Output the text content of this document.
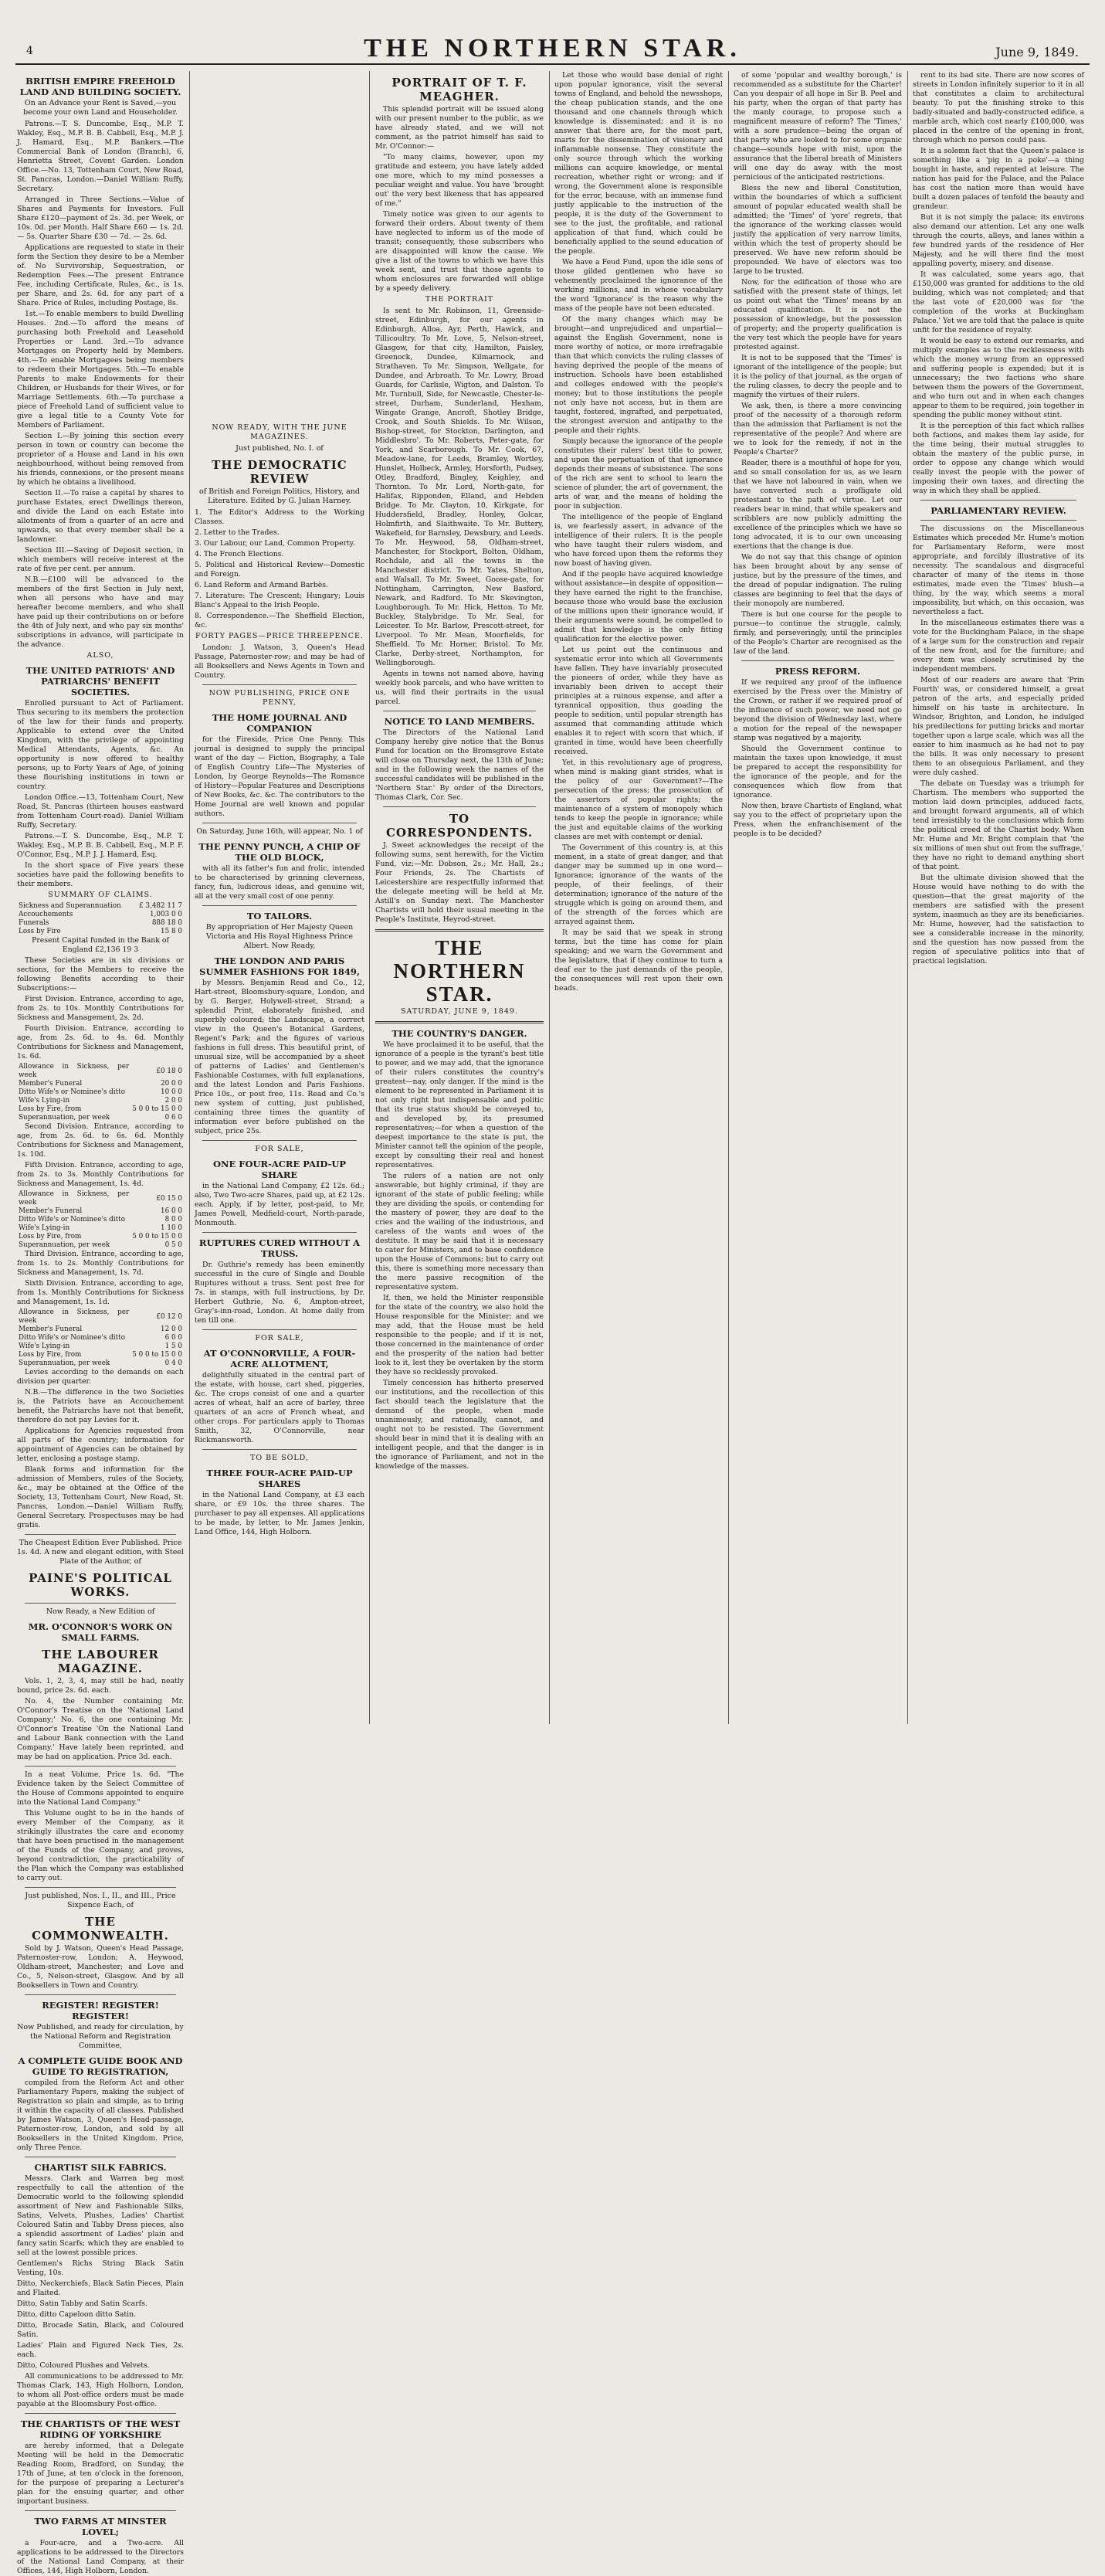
4	THE NORTHERN STAR.	June 9, 1849.
BRITISH EMPIRE FREEHOLD LAND AND BUILDING SOCIETY.
On an Advance your Rent is Saved,—you become your own Land and Householder.

Patrons.—T. S. Duncombe, Esq., M.P. T. Wakley, Esq., M.P. B. B. Cabbell, Esq., M.P. J. J. Hamard, Esq., M.P. Bankers.—The Commercial Bank of London (Branch), 6, Henrietta Street, Covent Garden. London Office.—No. 13, Tottenham Court, New Road, St. Pancras, London.—Daniel William Ruffy, Secretary.

Arranged in Three Sections.—Value of Shares and Payments for Investors. Full Share £120—payment of 2s. 3d. per Week, or 10s. 0d. per Month. Half Share £60 — 1s. 2d. — 5s. Quarter Share £30 — 7d. — 2s. 6d.

Applications are requested to state in their form the Section they desire to be a Member of. No Survivorship, Sequestration, or Redemption Fees.—The present Entrance Fee, including Certificate, Rules, &c., is 1s. per Share, and 2s. 6d. for any part of a Share. Price of Rules, including Postage, 8s.

1st.—To enable members to build Dwelling Houses. 2nd.—To afford the means of purchasing both Freehold and Leasehold Properties or Land. 3rd.—To advance Mortgages on Property held by Members. 4th.—To enable Mortgagees being members to redeem their Mortgages. 5th.—To enable Parents to make Endowments for their Children, or Husbands for their Wives, or for Marriage Settlements. 6th.—To purchase a piece of Freehold Land of sufficient value to give a legal title to a County Vote for Members of Parliament.

Section I.—By joining this section every person in town or country can become the proprietor of a House and Land in his own neighbourhood, without being removed from his friends, connexions, or the present means by which he obtains a livelihood.

Section II.—To raise a capital by shares to purchase Estates, erect Dwellings thereon, and divide the Land on each Estate into allotments of from a quarter of an acre and upwards, so that every member shall be a landowner.

Section III.—Saving of Deposit section, in which members will receive interest at the rate of five per cent. per annum.

N.B.—£100 will be advanced to the members of the first Section in July next, when all persons who have and may hereafter become members, and who shall have paid up their contributions on or before the 4th of July next, and who pay six months' subscriptions in advance, will participate in the advance.

ALSO,
THE UNITED PATRIOTS' AND PATRIARCHS' BENEFIT SOCIETIES.

Enrolled pursuant to Act of Parliament. Thus securing to its members the protection of the law for their funds and property. Applicable to extend over the United Kingdom, with the privilege of appointing Medical Attendants, Agents, &c. An opportunity is now offered to healthy persons, up to Forty Years of Age, of joining these flourishing institutions in town or country.

London Office.—13, Tottenham Court, New Road, St. Pancras (thirteen houses eastward from Tottenham Court-road). Daniel William Ruffy, Secretary.

Patrons.—T. S. Duncombe, Esq., M.P. T. Wakley, Esq., M.P. B. B. Cabbell, Esq., M.P. F. O'Connor, Esq., M.P. J. J. Hamard, Esq.

In the short space of Five years these societies have paid the following benefits to their members.

SUMMARY OF CLAIMS.
Sickness and Superannuation	£ 3,482 11 7
Accouchements	1,003 0 0
Funerals	888 18 0
Loss by Fire	15 8 0

Present Capital funded in the Bank of England £2,136 19 3

These Societies are in six divisions or sections, for the Members to receive the following Benefits according to their Subscriptions:—

First Division. Entrance, according to age, from 2s. to 10s. Monthly Contributions for Sickness and Management, 2s. 2d.

Fourth Division. Entrance, according to age, from 2s. 6d. to 4s. 6d. Monthly Contributions for Sickness and Management, 1s. 6d.

Allowance in Sickness, per week	£0 18 0
Member's Funeral	20 0 0
Ditto Wife's or Nominee's ditto	10 0 0
Wife's Lying-in	2 0 0
Loss by Fire, from	5 0 0 to 15 0 0
Superannuation, per week	0 6 0

Second Division. Entrance, according to age, from 2s. 6d. to 6s. 6d. Monthly Contributions for Sickness and Management, 1s. 10d.

Fifth Division. Entrance, according to age, from 2s. to 3s. Monthly Contributions for Sickness and Management, 1s. 4d.

Allowance in Sickness, per week	£0 15 0
Member's Funeral	16 0 0
Ditto Wife's or Nominee's ditto	8 0 0
Wife's Lying-in	1 10 0
Loss by Fire, from	5 0 0 to 15 0 0
Superannuation, per week	0 5 0

Third Division. Entrance, according to age, from 1s. to 2s. Monthly Contributions for Sickness and Management, 1s. 7d.

Sixth Division. Entrance, according to age, from 1s. Monthly Contributions for Sickness and Management, 1s. 1d.

Allowance in Sickness, per week	£0 12 0
Member's Funeral	12 0 0
Ditto Wife's or Nominee's ditto	6 0 0
Wife's Lying-in	1 5 0
Loss by Fire, from	5 0 0 to 15 0 0
Superannuation, per week	0 4 0

Levies according to the demands on each division per quarter.

N.B.—The difference in the two Societies is, the Patriots have an Accouchement benefit, the Patriarchs have not that benefit, therefore do not pay Levies for it.

Applications for Agencies requested from all parts of the country; information for appointment of Agencies can be obtained by letter, enclosing a postage stamp.

Blank forms and information for the admission of Members, rules of the Society, &c., may be obtained at the Office of the Society, 13, Tottenham Court, New Road, St. Pancras, London.—Daniel William Ruffy, General Secretary. Prospectuses may be had gratis.

The Cheapest Edition Ever Published. Price 1s. 4d. A new and elegant edition, with Steel Plate of the Author, of
PAINE'S POLITICAL WORKS.
Now Ready, a New Edition of
MR. O'CONNOR'S WORK ON SMALL FARMS.
THE LABOURER MAGAZINE.

Vols. 1, 2, 3, 4, may still be had, neatly bound, price 2s. 6d. each.

No. 4, the Number containing Mr. O'Connor's Treatise on the 'National Land Company;' No. 6, the one containing Mr. O'Connor's Treatise 'On the National Land and Labour Bank connection with the Land Company.' Have lately been reprinted, and may be had on application. Price 3d. each.

In a neat Volume, Price 1s. 6d. "The Evidence taken by the Select Committee of the House of Commons appointed to enquire into the National Land Company."

This Volume ought to be in the hands of every Member of the Company, as it strikingly illustrates the care and economy that have been practised in the management of the Funds of the Company, and proves, beyond contradiction, the practicability of the Plan which the Company was established to carry out.

Just published, Nos. I., II., and III., Price Sixpence Each, of
THE COMMONWEALTH.

Sold by J. Watson, Queen's Head Passage, Paternoster-row, London; A. Heywood, Oldham-street, Manchester; and Love and Co., 5, Nelson-street, Glasgow. And by all Booksellers in Town and Country.

REGISTER! REGISTER! REGISTER!
Now Published, and ready for circulation, by the National Reform and Registration Committee,
A COMPLETE GUIDE BOOK AND GUIDE TO REGISTRATION,

compiled from the Reform Act and other Parliamentary Papers, making the subject of Registration so plain and simple, as to bring it within the capacity of all classes. Published by James Watson, 3, Queen's Head-passage, Paternoster-row, London, and sold by all Booksellers in the United Kingdom. Price, only Three Pence.

CHARTIST SILK FABRICS.

Messrs. Clark and Warren beg most respectfully to call the attention of the Democratic world to the following splendid assortment of New and Fashionable Silks, Satins, Velvets, Plushes, Ladies' Chartist Coloured Satin and Tabby Dress pieces, also a splendid assortment of Ladies' plain and fancy satin Scarfs; which they are enabled to sell at the lowest possible prices.

Gentlemen's Richs String Black Satin Vesting, 10s.

Ditto, Neckerchiefs, Black Satin Pieces, Plain and Flaited.

Ditto, Satin Tabby and Satin Scarfs.

Ditto, ditto Capeloon ditto Satin.

Ditto, Brocade Satin, Black, and Coloured Satin.

Ladies' Plain and Figured Neck Ties, 2s. each.

Ditto, Coloured Plushes and Velvets.

All communications to be addressed to Mr. Thomas Clark, 143, High Holborn, London, to whom all Post-office orders must be made payable at the Bloomsbury Post-office.

THE CHARTISTS OF THE WEST RIDING OF YORKSHIRE

are hereby informed, that a Delegate Meeting will be held in the Democratic Reading Room, Bradford, on Sunday, the 17th of June, at ten o'clock in the forenoon, for the purpose of preparing a Lecturer's plan for the ensuing quarter, and other important business.

TWO FARMS AT MINSTER LOVEL;

a Four-acre, and a Two-acre. All applications to be addressed to the Directors of the National Land Company, at their Offices, 144, High Holborn, London.

NOW READY, WITH THE JUNE MAGAZINES.
Just published, No. I. of
THE DEMOCRATIC REVIEW
of British and Foreign Politics, History, and Literature. Edited by G. Julian Harney.

1. The Editor's Address to the Working Classes.

2. Letter to the Trades.

3. Our Labour, our Land, Common Property.

4. The French Elections.

5. Political and Historical Review—Domestic and Foreign.

6. Land Reform and Armand Barbès.

7. Literature: The Crescent; Hungary; Louis Blanc's Appeal to the Irish People.

8. Correspondence.—The Sheffield Election, &c.

FORTY PAGES—PRICE THREEPENCE.

London: J. Watson, 3, Queen's Head Passage, Paternoster-row; and may be had of all Booksellers and News Agents in Town and Country.

NOW PUBLISHING, PRICE ONE PENNY,
THE HOME JOURNAL AND COMPANION

for the Fireside, Price One Penny. This journal is designed to supply the principal want of the day — Fiction, Biography, a Tale of English Country Life—The Mysteries of London, by George Reynolds—The Romance of History—Popular Features and Descriptions of New Books, &c. &c. The contributors to the Home Journal are well known and popular authors.

On Saturday, June 16th, will appear, No. 1 of
THE PENNY PUNCH, A CHIP OF THE OLD BLOCK,

with all its father's fun and frolic, intended to be characterised by grinning cleverness, fancy, fun, ludicrous ideas, and genuine wit, all at the very small cost of one penny.

TO TAILORS.
By appropriation of Her Majesty Queen Victoria and His Royal Highness Prince Albert. Now Ready,
THE LONDON AND PARIS SUMMER FASHIONS FOR 1849,

by Messrs. Benjamin Read and Co., 12, Hart-street, Bloomsbury-square, London, and by G. Berger, Holywell-street, Strand; a splendid Print, elaborately finished, and superbly coloured; the Landscape, a correct view in the Queen's Botanical Gardens, Regent's Park; and the figures of various fashions in full dress. This beautiful print, of unusual size, will be accompanied by a sheet of patterns of Ladies' and Gentlemen's Fashionable Costumes, with full explanations, and the latest London and Paris Fashions. Price 10s., or post free, 11s. Read and Co.'s new system of cutting, just published, containing three times the quantity of information ever before published on the subject, price 25s.

FOR SALE,
ONE FOUR-ACRE PAID-UP SHARE

in the National Land Company, £2 12s. 6d.; also, Two Two-acre Shares, paid up, at £2 12s. each. Apply, if by letter, post-paid, to Mr. James Powell, Medfield-court, North-parade, Monmouth.

RUPTURES CURED WITHOUT A TRUSS.

Dr. Guthrie's remedy has been eminently successful in the cure of Single and Double Ruptures without a truss. Sent post free for 7s. in stamps, with full instructions, by Dr. Herbert Guthrie, No. 6, Ampton-street, Gray's-inn-road, London. At home daily from ten till one.

FOR SALE,
AT O'CONNORVILLE, A FOUR-ACRE ALLOTMENT,

delightfully situated in the central part of the estate, with house, cart shed, piggeries, &c. The crops consist of one and a quarter acres of wheat, half an acre of barley, three quarters of an acre of French wheat, and other crops. For particulars apply to Thomas Smith, 32, O'Connorville, near Rickmansworth.

TO BE SOLD,
THREE FOUR-ACRE PAID-UP SHARES

in the National Land Company, at £3 each share, or £9 10s. the three shares. The purchaser to pay all expenses. All applications to be made, by letter, to Mr. James Jenkin, Land Office, 144, High Holborn.

PORTRAIT OF T. F. MEAGHER.

This splendid portrait will be issued along with our present number to the public, as we have already stated, and we will not comment, as the patriot himself has said to Mr. O'Connor:—

"To many claims, however, upon my gratitude and esteem, you have lately added one more, which to my mind possesses a peculiar weight and value. You have 'brought out' the very best likeness that has appeared of me."

Timely notice was given to our agents to forward their orders. About twenty of them have neglected to inform us of the mode of transit; consequently, those subscribers who are disappointed will know the cause. We give a list of the towns to which we have this week sent, and trust that those agents to whom enclosures are forwarded will oblige by a speedy delivery.

THE PORTRAIT

Is sent to Mr. Robinson, 11, Greenside-street, Edinburgh, for our agents in Edinburgh, Alloa, Ayr, Perth, Hawick, and Tillicoultry. To Mr. Love, 5, Nelson-street, Glasgow, for that city, Hamilton, Paisley, Greenock, Dundee, Kilmarnock, and Strathaven. To Mr. Simpson, Wellgate, for Dundee, and Arbroath. To Mr. Lowry, Broad Guards, for Carlisle, Wigton, and Dalston. To Mr. Turnbull, Side, for Newcastle, Chester-le-street, Durham, Sunderland, Hexham, Wingate Grange, Ancroft, Shotley Bridge, Crook, and South Shields. To Mr. Wilson, Bishop-street, for Stockton, Darlington, and Middlesbro'. To Mr. Roberts, Peter-gate, for York, and Scarborough. To Mr. Cook, 67, Meadow-lane, for Leeds, Bramley, Wortley, Hunslet, Holbeck, Armley, Horsforth, Pudsey, Otley, Bradford, Bingley, Keighley, and Thornton. To Mr. Lord, North-gate, for Halifax, Ripponden, Elland, and Hebden Bridge. To Mr. Clayton, 10, Kirkgate, for Huddersfield, Bradley, Honley, Golcar, Holmfirth, and Slaithwaite. To Mr. Buttery, Wakefield, for Barnsley, Dewsbury, and Leeds. To Mr. Heywood, 58, Oldham-street, Manchester, for Stockport, Bolton, Oldham, Rochdale, and all the towns in the Manchester district. To Mr. Yates, Shelton, and Walsall. To Mr. Sweet, Goose-gate, for Nottingham, Carrington, New Basford, Newark, and Radford. To Mr. Skevington, Loughborough. To Mr. Hick, Hetton. To Mr. Buckley, Stalybridge. To Mr. Seal, for Leicester. To Mr. Barlow, Prescott-street, for Liverpool. To Mr. Mean, Moorfields, for Sheffield. To Mr. Horner, Bristol. To Mr. Clarke, Derby-street, Northampton, for Wellingborough.

Agents in towns not named above, having weekly book parcels, and who have written to us, will find their portraits in the usual parcel.

NOTICE TO LAND MEMBERS.

The Directors of the National Land Company hereby give notice that the Bonus Fund for location on the Bromsgrove Estate will close on Thursday next, the 13th of June; and in the following week the names of the successful candidates will be published in the 'Northern Star.' By order of the Directors, Thomas Clark, Cor. Sec.

TO CORRESPONDENTS.

J. Sweet acknowledges the receipt of the following sums, sent herewith, for the Victim Fund, viz:—Mr. Dobson, 2s.; Mr. Hall, 2s.; Four Friends, 2s. The Chartists of Leicestershire are respectfully informed that the delegate meeting will be held at Mr. Astill's on Sunday next. The Manchester Chartists will hold their usual meeting in the People's Institute, Heyrod-street.

THE NORTHERN STAR.
SATURDAY, JUNE 9, 1849.
THE COUNTRY'S DANGER.

We have proclaimed it to be useful, that the ignorance of a people is the tyrant's best title to power, and we may add, that the ignorance of their rulers constitutes the country's greatest—nay, only danger. If the mind is the element to be represented in Parliament it is not only right but indispensable and politic that its true status should be conveyed to, and developed by, its presumed representatives;—for when a question of the deepest importance to the state is put, the Minister cannot tell the opinion of the people, except by consulting their real and honest representatives.

The rulers of a nation are not only answerable, but highly criminal, if they are ignorant of the state of public feeling; while they are dividing the spoils, or contending for the mastery of power, they are deaf to the cries and the wailing of the industrious, and careless of the wants and woes of the destitute. It may be said that it is necessary to cater for Ministers, and to base confidence upon the House of Commons; but to carry out this, there is something more necessary than the mere passive recognition of the representative system.

If, then, we hold the Minister responsible for the state of the country, we also hold the House responsible for the Minister; and we may add, that the House must be held responsible to the people; and if it is not, those concerned in the maintenance of order and the prosperity of the nation had better look to it, lest they be overtaken by the storm they have so recklessly provoked.

Timely concession has hitherto preserved our institutions, and the recollection of this fact should teach the legislature that the demand of the people, when made unanimously, and rationally, cannot, and ought not to be resisted. The Government should bear in mind that it is dealing with an intelligent people, and that the danger is in the ignorance of Parliament, and not in the knowledge of the masses.

Let those who would base denial of right upon popular ignorance, visit the several towns of England, and behold the newsshops, the cheap publication stands, and the one thousand and one channels through which knowledge is disseminated; and it is no answer that there are, for the most part, marts for the dissemination of visionary and inflammable nonsense. They constitute the only source through which the working millions can acquire knowledge, or mental recreation, whether right or wrong; and if wrong, the Government alone is responsible for the error, because, with an immense fund justly applicable to the instruction of the people, it is the duty of the Government to see to the just, the profitable, and rational application of that fund, which could be beneficially applied to the sound education of the people.

We have a Feud Fund, upon the idle sons of those gilded gentlemen who have so vehemently proclaimed the ignorance of the working millions, and in whose vocabulary the word 'Ignorance' is the reason why the mass of the people have not been educated.

Of the many changes which may be brought—and unprejudiced and unpartial—against the English Government, none is more worthy of notice, or more irrefragable than that which convicts the ruling classes of having deprived the people of the means of instruction. Schools have been established and colleges endowed with the people's money; but to those institutions the people not only have not access, but in them are taught, fostered, ingrafted, and perpetuated, the strongest aversion and antipathy to the people and their rights.

Simply because the ignorance of the people constitutes their rulers' best title to power, and upon the perpetuation of that ignorance depends their means of subsistence. The sons of the rich are sent to school to learn the science of plunder, the art of government, the arts of war, and the means of holding the poor in subjection.

The intelligence of the people of England is, we fearlessly assert, in advance of the intelligence of their rulers. It is the people who have taught their rulers wisdom, and who have forced upon them the reforms they now boast of having given.

And if the people have acquired knowledge without assistance—in despite of opposition—they have earned the right to the franchise, because those who would base the exclusion of the millions upon their ignorance would, if their arguments were sound, be compelled to admit that knowledge is the only fitting qualification for the elective power.

Let us point out the continuous and systematic error into which all Governments have fallen. They have invariably prosecuted the pioneers of order, while they have as invariably been driven to accept their principles at a ruinous expense, and after a tyrannical opposition, thus goading the people to sedition, until popular strength has assumed that commanding attitude which enables it to reject with scorn that which, if granted in time, would have been cheerfully received.

Yet, in this revolutionary age of progress, when mind is making giant strides, what is the policy of our Government?—The persecution of the press; the prosecution of the assertors of popular rights; the maintenance of a system of monopoly which tends to keep the people in ignorance; while the just and equitable claims of the working classes are met with contempt or denial.

The Government of this country is, at this moment, in a state of great danger, and that danger may be summed up in one word—Ignorance; ignorance of the wants of the people, of their feelings, of their determination; ignorance of the nature of the struggle which is going on around them, and of the strength of the forces which are arrayed against them.

It may be said that we speak in strong terms, but the time has come for plain speaking; and we warn the Government and the legislature, that if they continue to turn a deaf ear to the just demands of the people, the consequences will rest upon their own heads.

of some 'popular and wealthy borough,' is recommended as a substitute for the Charter! Can you despair of all hope in Sir B. Peel and his party, when the organ of that party has the manly courage, to propose such a magnificent measure of reform? The 'Times,' with a sore prudence—being the organ of that party who are looked to for some organic change—sounds hope with mist, upon the assurance that the liberal breath of Ministers will one day do away with the most pernicious of the anticipated restrictions.

Bless the new and liberal Constitution, within the boundaries of which a sufficient amount of popular educated wealth shall be admitted; the 'Times' of 'yore' regrets, that the ignorance of the working classes would justify the application of very narrow limits, within which the test of property should be preserved. We have new reform should be propounded. We have of electors was too large to be trusted.

Now, for the edification of those who are satisfied with the present state of things, let us point out what the 'Times' means by an educated qualification. It is not the possession of knowledge, but the possession of property; and the property qualification is the very test which the people have for years protested against.

It is not to be supposed that the 'Times' is ignorant of the intelligence of the people; but it is the policy of that journal, as the organ of the ruling classes, to decry the people and to magnify the virtues of their rulers.

We ask, then, is there a more convincing proof of the necessity of a thorough reform than the admission that Parliament is not the representative of the people? And where are we to look for the remedy, if not in the People's Charter?

Reader, there is a mouthful of hope for you, and so small consolation for us, as we learn that we have not laboured in vain, when we have converted such a profligate old protestant to the path of virtue. Let our readers bear in mind, that while speakers and scribblers are now publicly admitting the excellence of the principles which we have so long advocated, it is to our own unceasing exertions that the change is due.

We do not say that this change of opinion has been brought about by any sense of justice, but by the pressure of the times, and the dread of popular indignation. The ruling classes are beginning to feel that the days of their monopoly are numbered.

There is but one course for the people to pursue—to continue the struggle, calmly, firmly, and perseveringly, until the principles of the People's Charter are recognised as the law of the land.

PRESS REFORM.

If we required any proof of the influence exercised by the Press over the Ministry of the Crown, or rather if we required proof of the influence of such power, we need not go beyond the division of Wednesday last, where a motion for the repeal of the newspaper stamp was negatived by a majority.

Should the Government continue to maintain the taxes upon knowledge, it must be prepared to accept the responsibility for the ignorance of the people, and for the consequences which flow from that ignorance.

Now then, brave Chartists of England, what say you to the effect of proprietary upon the Press, when the enfranchisement of the people is to be decided?

rent to its bad site. There are now scores of streets in London infinitely superior to it in all that constitutes a claim to architectural beauty. To put the finishing stroke to this badly-situated and badly-constructed edifice, a marble arch, which cost nearly £100,000, was placed in the centre of the opening in front, through which no person could pass.

It is a solemn fact that the Queen's palace is something like a 'pig in a poke'—a thing bought in haste, and repented at leisure. The nation has paid for the Palace, and the Palace has cost the nation more than would have built a dozen palaces of tenfold the beauty and grandeur.

But it is not simply the palace; its environs also demand our attention. Let any one walk through the courts, alleys, and lanes within a few hundred yards of the residence of Her Majesty, and he will there find the most appalling poverty, misery, and disease.

It was calculated, some years ago, that £150,000 was granted for additions to the old building, which was not completed; and that the last vote of £20,000 was for 'the completion of the works at Buckingham Palace.' Yet we are told that the palace is quite unfit for the residence of royalty.

It would be easy to extend our remarks, and multiply examples as to the recklessness with which the money wrung from an oppressed and suffering people is expended; but it is unnecessary; the two factions who share between them the powers of the Government, and who turn out and in when each changes appear to them to be required, join together in spending the public money without stint.

It is the perception of this fact which rallies both factions, and makes them lay aside, for the time being, their mutual struggles to obtain the mastery of the public purse, in order to oppose any change which would really invest the people with the power of imposing their own taxes, and directing the way in which they shall be applied.

PARLIAMENTARY REVIEW.

The discussions on the Miscellaneous Estimates which preceded Mr. Hume's motion for Parliamentary Reform, were most appropriate, and forcibly illustrative of its necessity. The scandalous and disgraceful character of many of the items in those estimates, made even the 'Times' blush—a thing, by the way, which seems a moral impossibility, but which, on this occasion, was nevertheless a fact.

In the miscellaneous estimates there was a vote for the Buckingham Palace, in the shape of a large sum for the construction and repair of the new front, and for the furniture; and every item was closely scrutinised by the independent members.

Most of our readers are aware that 'Prin Fourth' was, or considered himself, a great patron of the arts, and especially prided himself on his taste in architecture. In Windsor, Brighton, and London, he indulged his predilections for putting bricks and mortar together upon a large scale, which was all the easier to him inasmuch as he had not to pay the bills. It was only necessary to present them to an obsequious Parliament, and they were duly cashed.

The debate on Tuesday was a triumph for Chartism. The members who supported the motion laid down principles, adduced facts, and brought forward arguments, all of which tend irresistibly to the conclusions which form the political creed of the Chartist body. When Mr. Hume and Mr. Bright complain that 'the six millions of men shut out from the suffrage,' they have no right to demand anything short of that point.

But the ultimate division showed that the House would have nothing to do with the question—that the great majority of the members are satisfied with the present system, inasmuch as they are its beneficiaries. Mr. Hume, however, had the satisfaction to see a considerable increase in the minority, and the question has now passed from the region of speculative politics into that of practical legislation.
